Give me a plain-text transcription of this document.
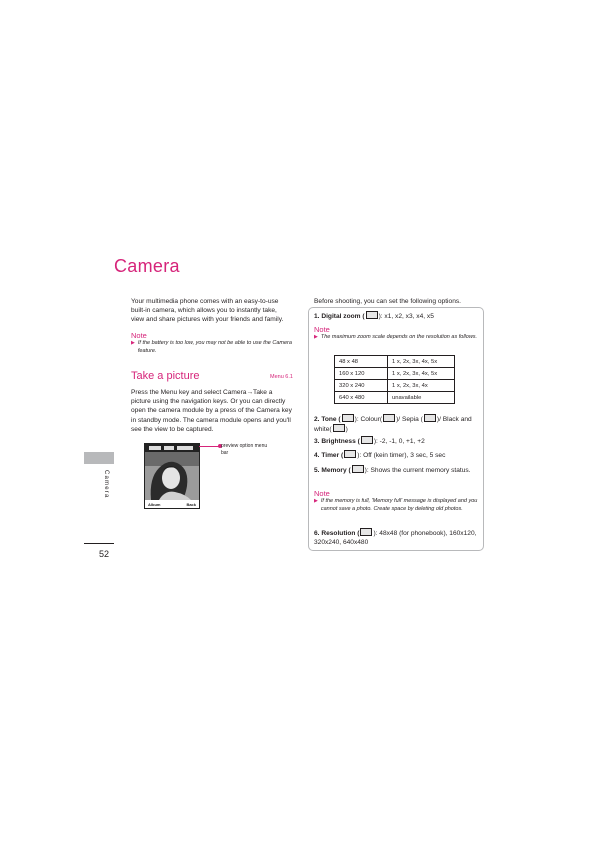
Camera
Your multimedia phone comes with an easy-to-use built-in camera, which allows you to instantly take, view and share pictures with your friends and family.
Note
▶ If the battery is too low, you may not be able to use the Camera feature.
Take a picture	Menu 6.1
Press the Menu key and select Camera→Take a picture using the navigation keys. Or you can directly open the camera module by a press of the Camera key in standby mode. The camera module opens and you'll see the view to be captured.
Album	Back
preview option menu bar
Camera
52
Before shooting, you can set the following options.
1. Digital zoom ( ): x1, x2, x3, x4, x5
Note
▶ The maximum zoom scale depends on the resolution as follows.
48 x 48	1 x, 2x, 3x, 4x, 5x
160 x 120	1 x, 2x, 3x, 4x, 5x
320 x 240	1 x, 2x, 3x, 4x
640 x 480	unavailable
2. Tone ( ): Colour( )/ Sepia ( )/ Black and white( )
3. Brightness ( ): -2, -1, 0, +1, +2
4. Timer ( ): Off (kein timer), 3 sec, 5 sec
5. Memory ( ): Shows the current memory status.
Note
▶ If the memory is full, 'Memory full' message is displayed and you cannot save a photo. Create space by deleting old photos.
6. Resolution ( ): 48x48 (for phonebook), 160x120, 320x240, 640x480
